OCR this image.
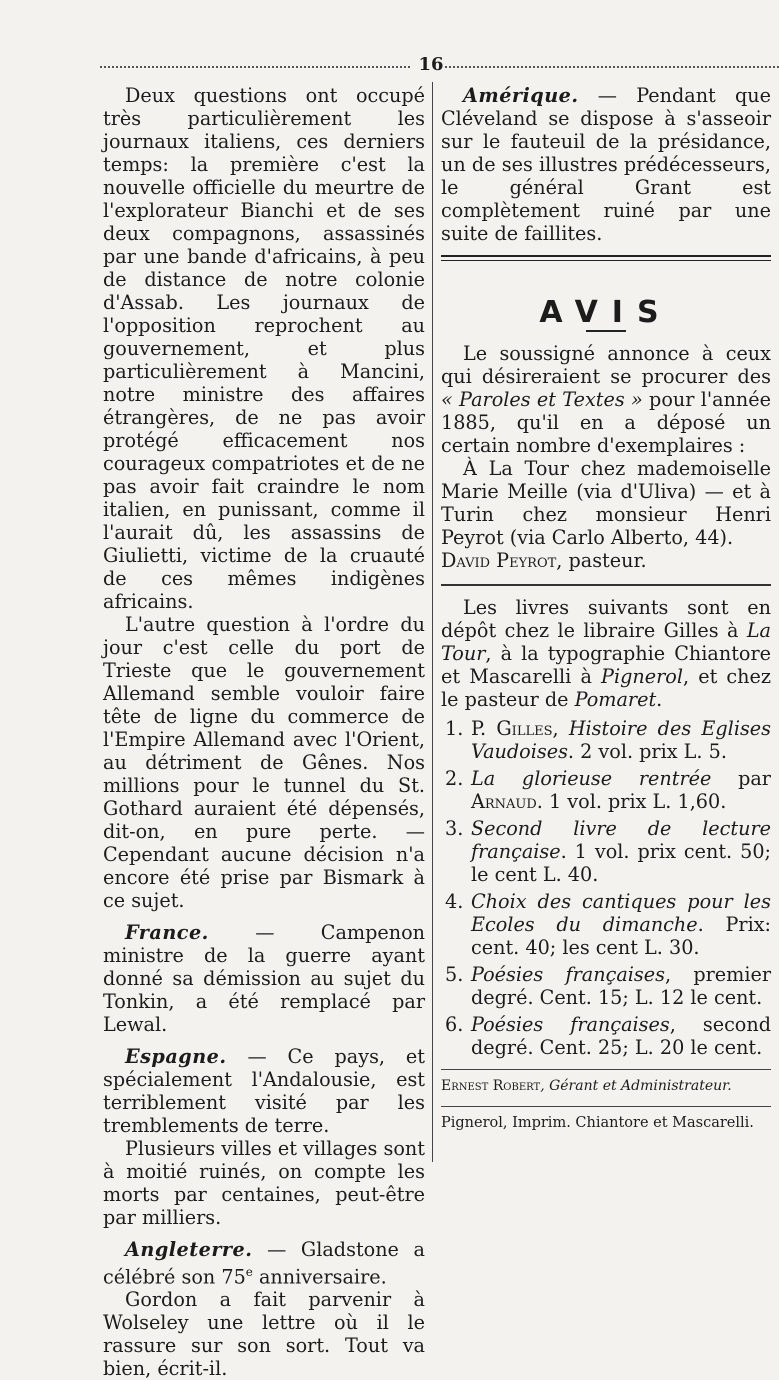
16

Deux questions ont occupé très particulièrement les journaux italiens, ces derniers temps: la première c'est la nouvelle officielle du meurtre de l'explorateur Bianchi et de ses deux compagnons, assassinés par une bande d'africains, à peu de distance de notre colonie d'Assab. Les journaux de l'opposition reprochent au gouvernement, et plus particulièrement à Mancini, notre ministre des affaires étrangères, de ne pas avoir protégé efficacement nos courageux compatriotes et de ne pas avoir fait craindre le nom italien, en punissant, comme il l'aurait dû, les assassins de Giulietti, victime de la cruauté de ces mêmes indigènes africains.

L'autre question à l'ordre du jour c'est celle du port de Trieste que le gouvernement Allemand semble vouloir faire tête de ligne du commerce de l'Empire Allemand avec l'Orient, au détriment de Gênes. Nos millions pour le tunnel du St. Gothard auraient été dépensés, dit-on, en pure perte. — Cependant aucune décision n'a encore été prise par Bismark à ce sujet.

France. — Campenon ministre de la guerre ayant donné sa démission au sujet du Tonkin, a été remplacé par Lewal.

Espagne. — Ce pays, et spécialement l'Andalousie, est terriblement visité par les tremblements de terre.

Plusieurs villes et villages sont à moitié ruinés, on compte les morts par centaines, peut-être par milliers.

Angleterre. — Gladstone a célébré son 75e anniversaire.

Gordon a fait parvenir à Wolseley une lettre où il le rassure sur son sort. Tout va bien, écrit-il.

Amérique. — Pendant que Cléveland se dispose à s'asseoir sur le fauteuil de la présidance, un de ses illustres prédécesseurs, le général Grant est complètement ruiné par une suite de faillites.

AVIS

Le soussigné annonce à ceux qui désireraient se procurer des « Paroles et Textes » pour l'année 1885, qu'il en a déposé un certain nombre d'exemplaires :

À La Tour chez mademoiselle Marie Meille (via d'Uliva) — et à Turin chez monsieur Henri Peyrot (via Carlo Alberto, 44).

David Peyrot, pasteur.

Les livres suivants sont en dépôt chez le libraire Gilles à La Tour, à la typographie Chiantore et Mascarelli à Pignerol, et chez le pasteur de Pomaret.

1. P. Gilles, Histoire des Eglises Vaudoises. 2 vol. prix L. 5.
2. La glorieuse rentrée par Arnaud. 1 vol. prix L. 1,60.
3. Second livre de lecture française. 1 vol. prix cent. 50; le cent L. 40.
4. Choix des cantiques pour les Ecoles du dimanche. Prix: cent. 40; les cent L. 30.
5. Poésies françaises, premier degré. Cent. 15; L. 12 le cent.
6. Poésies françaises, second degré. Cent. 25; L. 20 le cent.

Ernest Robert, Gérant et Administrateur.

Pignerol, Imprim. Chiantore et Mascarelli.
